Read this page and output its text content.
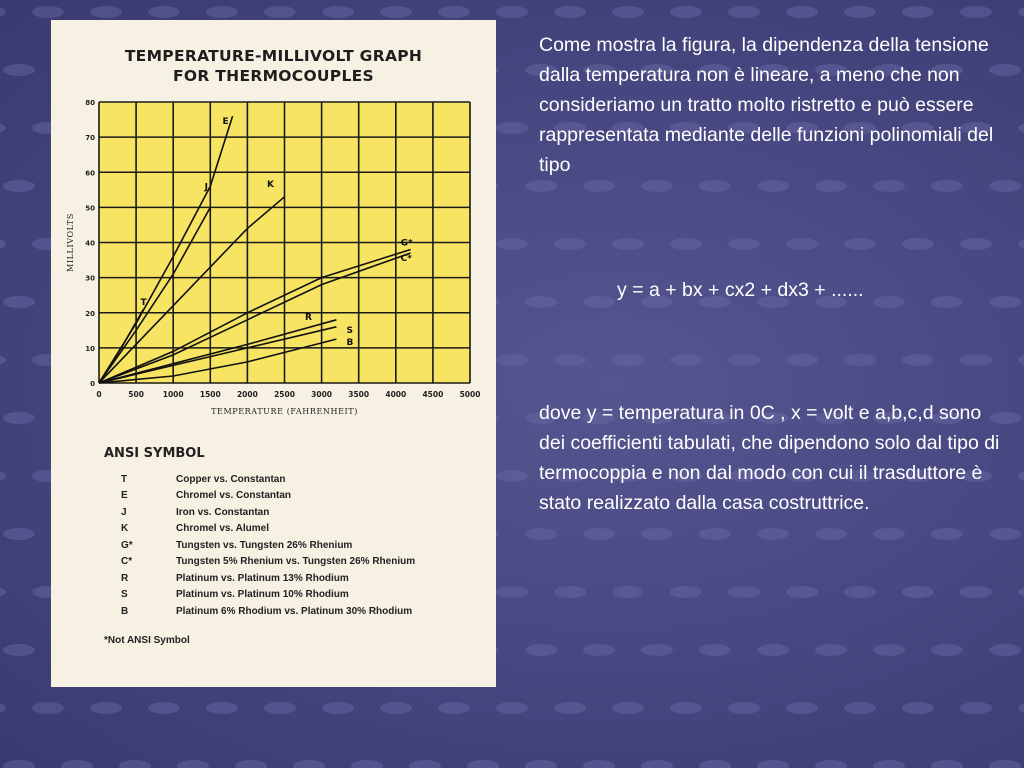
TEMPERATURE-MILLIVOLT GRAPH
FOR THERMOCOUPLES
0	500	1000 1500 2000 2500 3000 3500 4000 4500 5000
0
10
20
30
40
50
60
70
80
TEMPERATURE (FAHRENHEIT)
MILLIVOLTS
E
J	K
T
G*
C*
R
S
B
ANSI SYMBOL
T	Copper vs. Constantan
E	Chromel vs. Constantan
J	Iron vs. Constantan
K	Chromel vs. Alumel
G*	Tungsten vs. Tungsten 26% Rhenium
C*	Tungsten 5% Rhenium vs. Tungsten 26% Rhenium
R	Platinum vs. Platinum 13% Rhodium
S	Platinum vs. Platinum 10% Rhodium
B	Platinum 6% Rhodium vs. Platinum 30% Rhodium
*Not ANSI Symbol
Come mostra la figura, la dipendenza della tensione dalla temperatura non è lineare, a meno che non consideriamo un tratto molto ristretto e può essere rappresentata mediante delle funzioni polinomiali del tipo
y = a + bx + cx2 + dx3 + ......
dove y = temperatura in 0C , x = volt e a,b,c,d sono dei coefficienti tabulati, che dipendono solo dal tipo di termocoppia e non dal modo con cui il trasduttore è stato realizzato dalla casa costruttrice.
